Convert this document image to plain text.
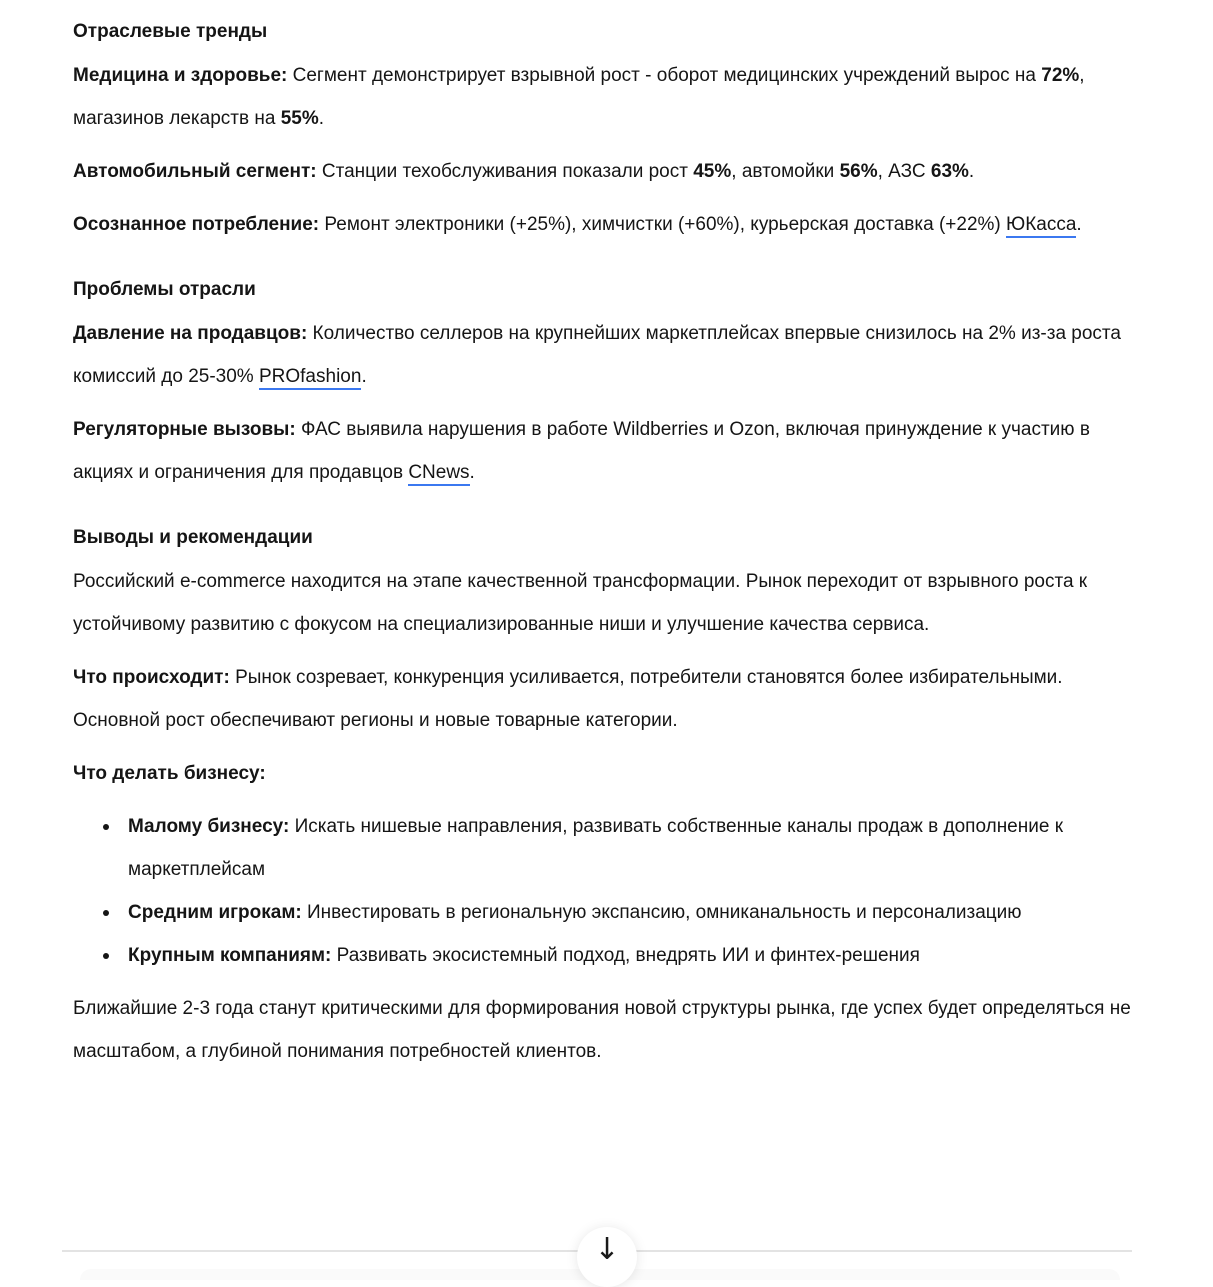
Отраслевые тренды

Медицина и здоровье: Сегмент демонстрирует взрывной рост - оборот медицинских учреждений вырос на 72%, магазинов лекарств на 55%.

Автомобильный сегмент: Станции техобслуживания показали рост 45%, автомойки 56%, АЗС 63%.

Осознанное потребление: Ремонт электроники (+25%), химчистки (+60%), курьерская доставка (+22%) ЮКасса.

Проблемы отрасли

Давление на продавцов: Количество селлеров на крупнейших маркетплейсах впервые снизилось на 2% из-за роста комиссий до 25-30% PROfashion.

Регуляторные вызовы: ФАС выявила нарушения в работе Wildberries и Ozon, включая принуждение к участию в акциях и ограничения для продавцов CNews.

Выводы и рекомендации

Российский e-commerce находится на этапе качественной трансформации. Рынок переходит от взрывного роста к устойчивому развитию с фокусом на специализированные ниши и улучшение качества сервиса.

Что происходит: Рынок созревает, конкуренция усиливается, потребители становятся более избирательными. Основной рост обеспечивают регионы и новые товарные категории.

Что делать бизнесу:

Малому бизнесу: Искать нишевые направления, развивать собственные каналы продаж в дополнение к маркетплейсам
Средним игрокам: Инвестировать в региональную экспансию, омниканальность и персонализацию
Крупным компаниям: Развивать экосистемный подход, внедрять ИИ и финтех-решения

Ближайшие 2-3 года станут критическими для формирования новой структуры рынка, где успех будет определяться не масштабом, а глубиной понимания потребностей клиентов.

↓
